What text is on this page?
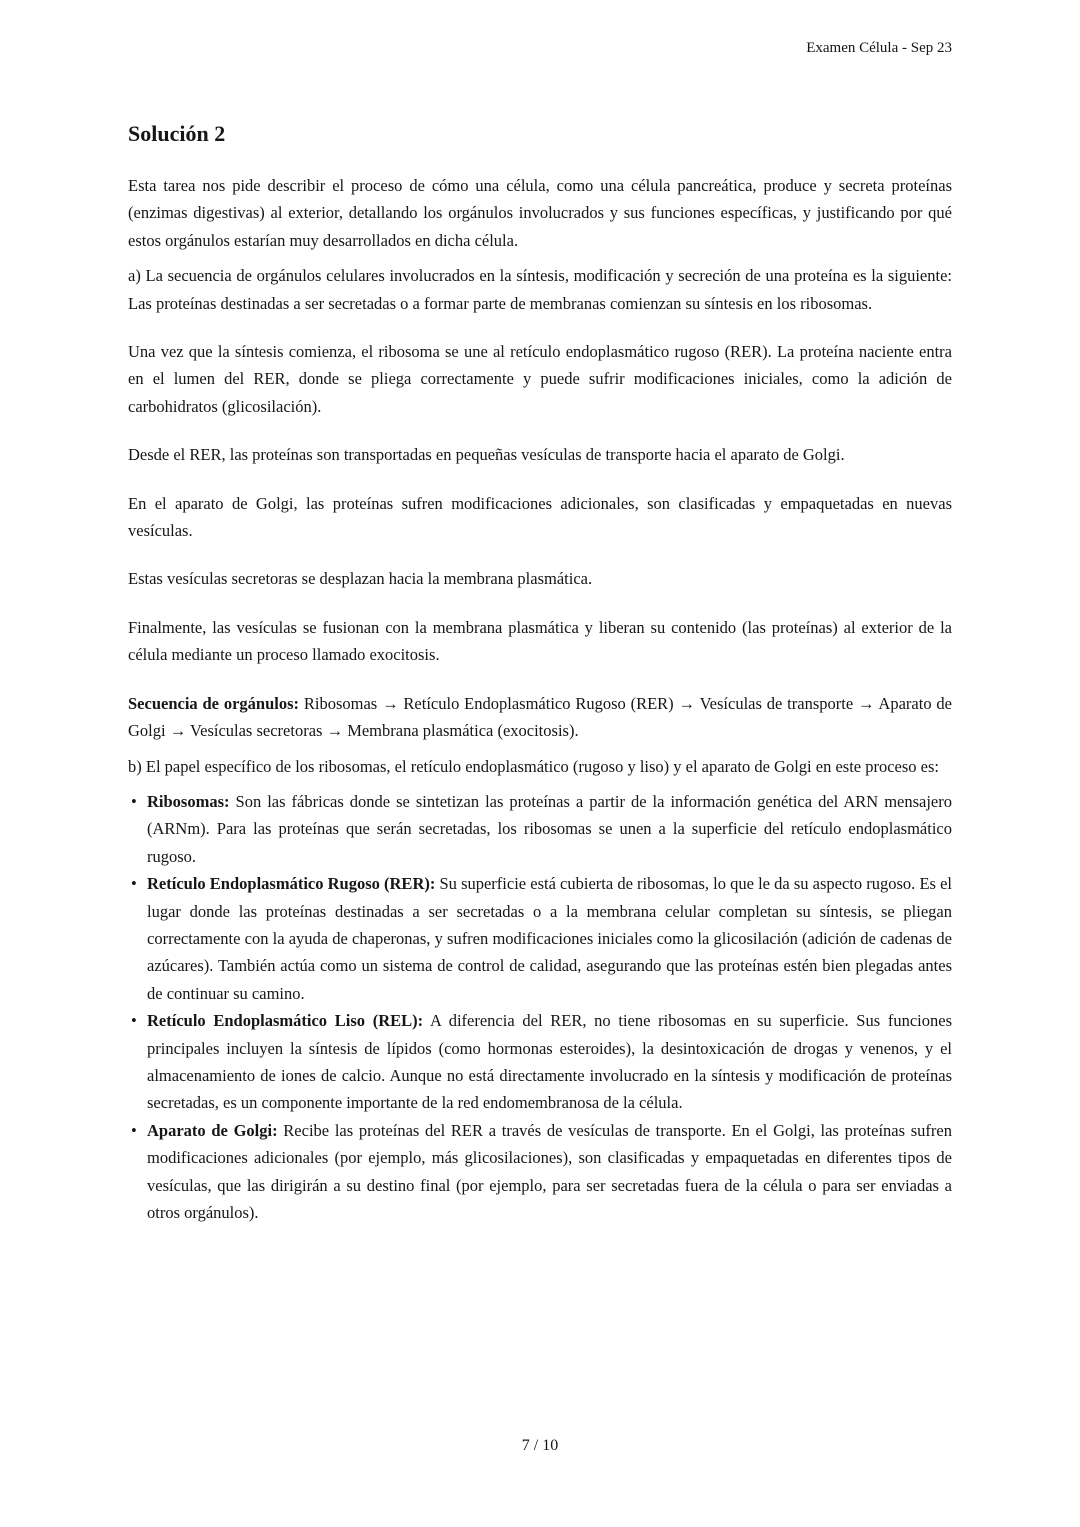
Examen Célula - Sep 23
Solución 2

Esta tarea nos pide describir el proceso de cómo una célula, como una célula pancreática, produce y secreta proteínas (enzimas digestivas) al exterior, detallando los orgánulos involucrados y sus funciones específicas, y justificando por qué estos orgánulos estarían muy desarrollados en dicha célula.

a) La secuencia de orgánulos celulares involucrados en la síntesis, modificación y secreción de una proteína es la siguiente: Las proteínas destinadas a ser secretadas o a formar parte de membranas comienzan su síntesis en los ribosomas.

Una vez que la síntesis comienza, el ribosoma se une al retículo endoplasmático rugoso (RER). La proteína naciente entra en el lumen del RER, donde se pliega correctamente y puede sufrir modificaciones iniciales, como la adición de carbohidratos (glicosilación).

Desde el RER, las proteínas son transportadas en pequeñas vesículas de transporte hacia el aparato de Golgi.

En el aparato de Golgi, las proteínas sufren modificaciones adicionales, son clasificadas y empaquetadas en nuevas vesículas.

Estas vesículas secretoras se desplazan hacia la membrana plasmática.

Finalmente, las vesículas se fusionan con la membrana plasmática y liberan su contenido (las proteínas) al exterior de la célula mediante un proceso llamado exocitosis.

Secuencia de orgánulos: Ribosomas → Retículo Endoplasmático Rugoso (RER) → Vesículas de transporte → Aparato de Golgi → Vesículas secretoras → Membrana plasmática (exocitosis).

b) El papel específico de los ribosomas, el retículo endoplasmático (rugoso y liso) y el aparato de Golgi en este proceso es:

• Ribosomas: Son las fábricas donde se sintetizan las proteínas a partir de la información genética del ARN mensajero (ARNm). Para las proteínas que serán secretadas, los ribosomas se unen a la superficie del retículo endoplasmático rugoso.
• Retículo Endoplasmático Rugoso (RER): Su superficie está cubierta de ribosomas, lo que le da su aspecto rugoso. Es el lugar donde las proteínas destinadas a ser secretadas o a la membrana celular completan su síntesis, se pliegan correctamente con la ayuda de chaperonas, y sufren modificaciones iniciales como la glicosilación (adición de cadenas de azúcares). También actúa como un sistema de control de calidad, asegurando que las proteínas estén bien plegadas antes de continuar su camino.
• Retículo Endoplasmático Liso (REL): A diferencia del RER, no tiene ribosomas en su superficie. Sus funciones principales incluyen la síntesis de lípidos (como hormonas esteroides), la desintoxicación de drogas y venenos, y el almacenamiento de iones de calcio. Aunque no está directamente involucrado en la síntesis y modificación de proteínas secretadas, es un componente importante de la red endomembranosa de la célula.
• Aparato de Golgi: Recibe las proteínas del RER a través de vesículas de transporte. En el Golgi, las proteínas sufren modificaciones adicionales (por ejemplo, más glicosilaciones), son clasificadas y empaquetadas en diferentes tipos de vesículas, que las dirigirán a su destino final (por ejemplo, para ser secretadas fuera de la célula o para ser enviadas a otros orgánulos).
7 / 10
